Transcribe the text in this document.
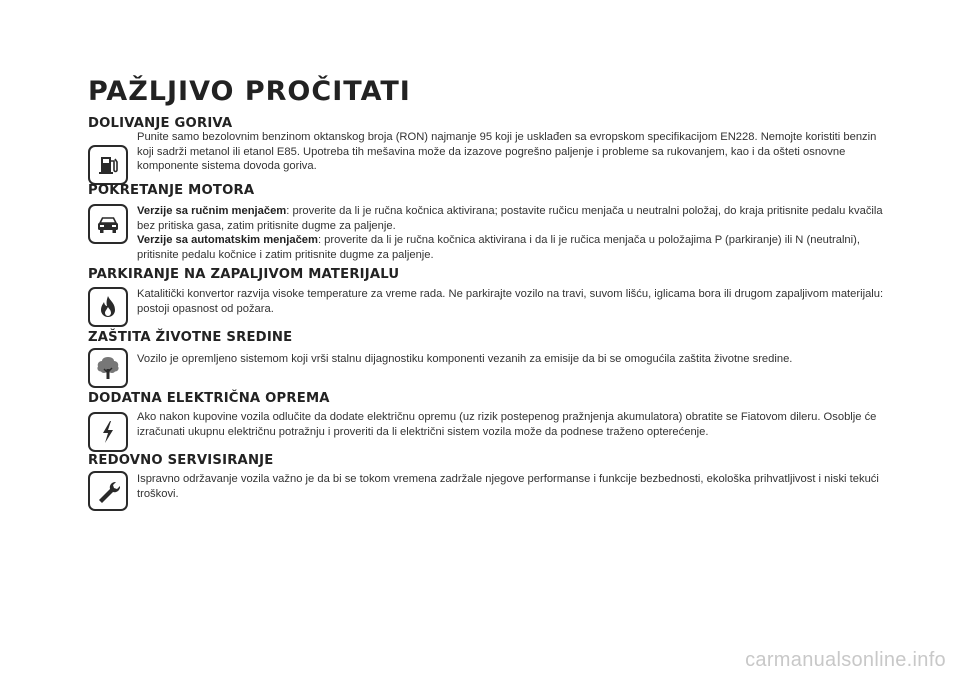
PAŽLJIVO PROČITATI
DOLIVANJE GORIVA

Punite samo bezolovnim benzinom oktanskog broja (RON) najmanje 95 koji je usklađen sa evropskom specifikacijom EN228. Nemojte koristiti benzin koji sadrži metanol ili etanol E85. Upotreba tih mešavina može da izazove pogrešno paljenje i probleme sa rukovanjem, kao i da ošteti osnovne komponente sistema dovoda goriva.

POKRETANJE MOTORA

Verzije sa ručnim menjačem: proverite da li je ručna kočnica aktivirana; postavite ručicu menjača u neutralni položaj, do kraja pritisnite pedalu kvačila bez pritiska gasa, zatim pritisnite dugme za paljenje.

Verzije sa automatskim menjačem: proverite da li je ručna kočnica aktivirana i da li je ručica menjača u položajima P (parkiranje) ili N (neutralni), pritisnite pedalu kočnice i zatim pritisnite dugme za paljenje.

PARKIRANJE NA ZAPALJIVOM MATERIJALU

Katalitički konvertor razvija visoke temperature za vreme rada. Ne parkirajte vozilo na travi, suvom lišću, iglicama bora ili drugom zapaljivom materijalu: postoji opasnost od požara.

ZAŠTITA ŽIVOTNE SREDINE

Vozilo je opremljeno sistemom koji vrši stalnu dijagnostiku komponenti vezanih za emisije da bi se omogućila zaštita životne sredine.

DODATNA ELEKTRIČNA OPREMA

Ako nakon kupovine vozila odlučite da dodate električnu opremu (uz rizik postepenog pražnjenja akumulatora) obratite se Fiatovom dileru. Osoblje će izračunati ukupnu električnu potražnju i proveriti da li električni sistem vozila može da podnese traženo opterećenje.

REDOVNO SERVISIRANJE

Ispravno održavanje vozila važno je da bi se tokom vremena zadržale njegove performanse i funkcije bezbednosti, ekološka prihvatljivost i niski tekući troškovi.

carmanualsonline.info
